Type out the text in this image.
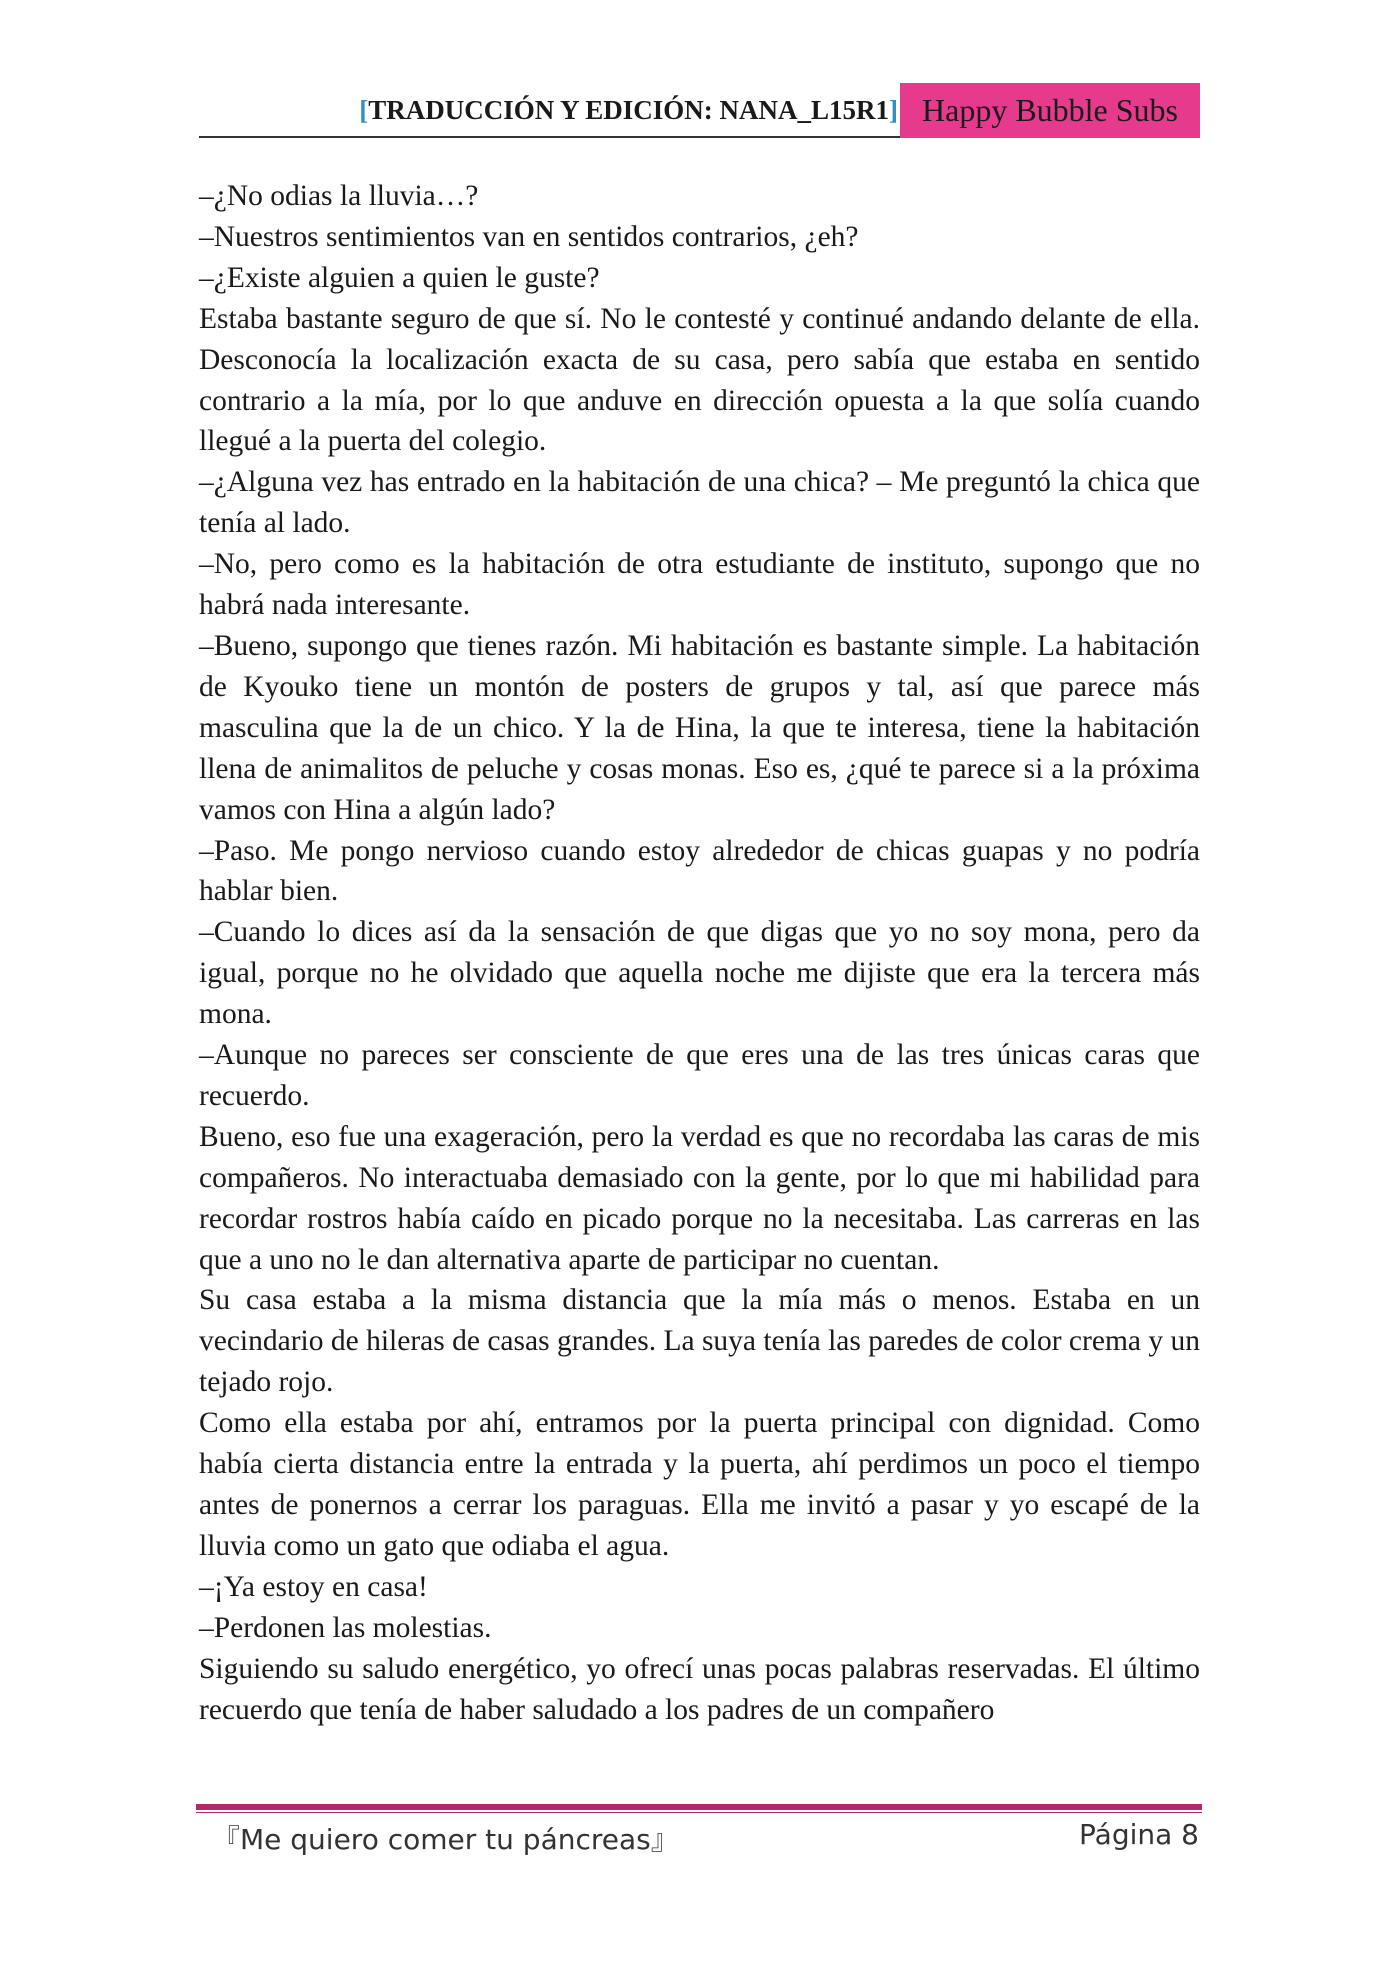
[TRADUCCIÓN Y EDICIÓN: NANA_L15R1] Happy Bubble Subs

–¿No odias la lluvia…?

–Nuestros sentimientos van en sentidos contrarios, ¿eh?

–¿Existe alguien a quien le guste?

Estaba bastante seguro de que sí. No le contesté y continué andando delante de ella. Desconocía la localización exacta de su casa, pero sabía que estaba en sentido contrario a la mía, por lo que anduve en dirección opuesta a la que solía cuando llegué a la puerta del colegio.

–¿Alguna vez has entrado en la habitación de una chica? – Me preguntó la chica que tenía al lado.

–No, pero como es la habitación de otra estudiante de instituto, supongo que no habrá nada interesante.

–Bueno, supongo que tienes razón. Mi habitación es bastante simple. La habitación de Kyouko tiene un montón de posters de grupos y tal, así que parece más masculina que la de un chico. Y la de Hina, la que te interesa, tiene la habitación llena de animalitos de peluche y cosas monas. Eso es, ¿qué te parece si a la próxima vamos con Hina a algún lado?

–Paso. Me pongo nervioso cuando estoy alrededor de chicas guapas y no podría hablar bien.

–Cuando lo dices así da la sensación de que digas que yo no soy mona, pero da igual, porque no he olvidado que aquella noche me dijiste que era la tercera más mona.

–Aunque no pareces ser consciente de que eres una de las tres únicas caras que recuerdo.

Bueno, eso fue una exageración, pero la verdad es que no recordaba las caras de mis compañeros. No interactuaba demasiado con la gente, por lo que mi habilidad para recordar rostros había caído en picado porque no la necesitaba. Las carreras en las que a uno no le dan alternativa aparte de participar no cuentan.

Su casa estaba a la misma distancia que la mía más o menos. Estaba en un vecindario de hileras de casas grandes. La suya tenía las paredes de color crema y un tejado rojo.

Como ella estaba por ahí, entramos por la puerta principal con dignidad. Como había cierta distancia entre la entrada y la puerta, ahí perdimos un poco el tiempo antes de ponernos a cerrar los paraguas. Ella me invitó a pasar y yo escapé de la lluvia como un gato que odiaba el agua.

–¡Ya estoy en casa!

–Perdonen las molestias.

Siguiendo su saludo energético, yo ofrecí unas pocas palabras reservadas. El último recuerdo que tenía de haber saludado a los padres de un compañero

『Me quiero comer tu páncreas』	Página 8
